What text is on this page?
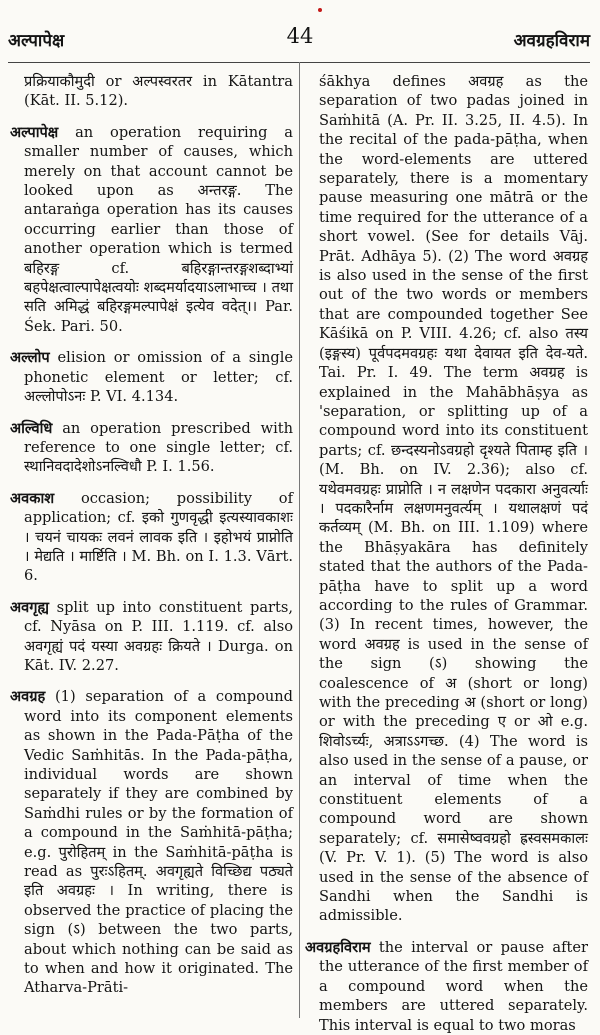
अल्पापेक्ष	44	अवग्रहविराम

प्रक्रियाकौमुदी or अल्पस्वरतर in Kātantra (Kāt. II. 5.12).

अल्पापेक्ष an operation requiring a smaller number of causes, which merely on that account cannot be looked upon as अन्तरङ्ग. The antaraṅga operation has its causes occurring earlier than those of another operation which is termed बहिरङ्ग cf. बहिरङ्गान्तरङ्गशब्दाभ्यां बहपेक्षत्वाल्पापेक्षत्वयोः शब्दमर्यादयाऽलाभाच्च । तथा सति अमिद्धं बहिरङ्गमल्पापेक्षं इत्येव वदेत्।। Par. Śek. Pari. 50.

अल्लोप elision or omission of a single phonetic element or letter; cf. अल्लोपोऽनः P. VI. 4.134.

अल्विधि an operation prescribed with reference to one single letter; cf. स्थानिवदादेशोऽनल्विधौ P. I. 1.56.

अवकाश occasion; possibility of application; cf. इको गुणवृद्धी इत्यस्यावकाशः । चयनं चायकः लवनं लावक इति । इहोभयं प्राप्नोति । मेद्यति । मार्ष्टिति । M. Bh. on I. 1.3. Vārt. 6.

अवगृह्य split up into constituent parts, cf. Nyāsa on P. III. 1.119. cf. also अवगृह्यं पदं यस्या अवग्रहः क्रियते । Durga. on Kāt. IV. 2.27.

अवग्रह (1) separation of a compound word into its component elements as shown in the Pada-Pāṭha of the Vedic Saṁhitās. In the Pada-pāṭha, individual words are shown separately if they are combined by Saṁdhi rules or by the formation of a compound in the Saṁhitā-pāṭha; e.g. पुरोहितम् in the Saṁhitā-pāṭha is read as पुरःऽहितम्. अवगृह्यते विच्छिद्य पठ्यते इति अवग्रहः । In writing, there is observed the practice of placing the sign (ऽ) between the two parts, about which nothing can be said as to when and how it originated. The Atharva-Prāti-

śākhya defines अवग्रह as the separation of two padas joined in Saṁhitā (A. Pr. II. 3.25, II. 4.5). In the recital of the pada-pāṭha, when the word-elements are uttered separately, there is a momentary pause measuring one mātrā or the time required for the utterance of a short vowel. (See for details Vāj. Prāt. Adhāya 5). (2) The word अवग्रह is also used in the sense of the first out of the two words or members that are compounded together See Kāśikā on P. VIII. 4.26; cf. also तस्य (इङ्गस्य) पूर्वपदमवग्रहः यथा देवायत इति देव-यते. Tai. Pr. I. 49. The term अवग्रह is explained in the Mahābhāṣya as 'separation, or splitting up of a compound word into its constituent parts; cf. छन्दस्यनोऽवग्रहो दृश्यते पिताम्ह इति । (M. Bh. on IV. 2.36); also cf. यथेवमवग्रहः प्राप्नोति । न लक्षणेन पदकारा अनुवर्त्याः । पदकारैर्नाम लक्षणमनुवर्त्यम् । यथालक्षणं पदं कर्तव्यम् (M. Bh. on III. 1.109) where the Bhāṣyakāra has definitely stated that the authors of the Pada-pāṭha have to split up a word according to the rules of Grammar. (3) In recent times, however, the word अवग्रह is used in the sense of the sign (ऽ) showing the coalescence of अ (short or long) with the preceding अ (short or long) or with the preceding ए or ओ e.g. शिवोऽर्च्यः, अत्राऽऽगच्छ. (4) The word is also used in the sense of a pause, or an interval of time when the constituent elements of a compound word are shown separately; cf. समासेष्ववग्रहो ह्रस्वसमकालः (V. Pr. V. 1). (5) The word is also used in the sense of the absence of Sandhi when the Sandhi is admissible.

अवग्रहविराम the interval or pause after the utterance of the first member of a compound word when the members are uttered separately. This interval is equal to two moras
